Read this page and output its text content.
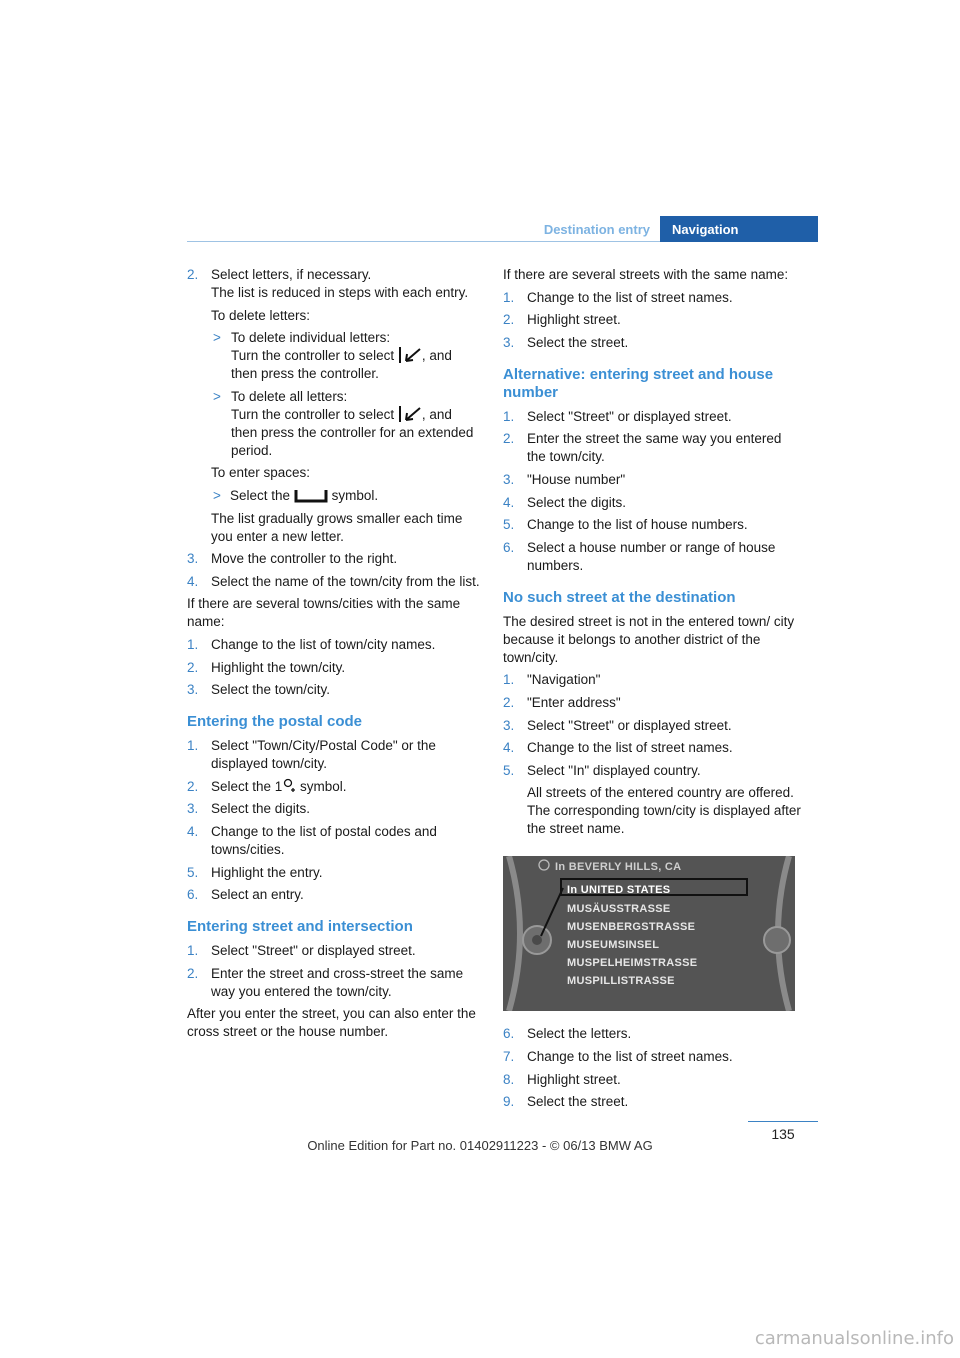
Destination entry	Navigation
2. Select letters, if necessary.
The list is reduced in steps with each entry.
To delete letters:
> To delete individual letters:
Turn the controller to select , and
then press the controller.
> To delete all letters:
Turn the controller to select , and
then press the controller for an extended
period.
To enter spaces:
> Select the	symbol.
The list gradually grows smaller each time you enter a new letter.
3. Move the controller to the right.
4. Select the name of the town/city from the list.
If there are several towns/cities with the same name:
1. Change to the list of town/city names.
2. Highlight the town/city.
3. Select the town/city.
Entering the postal code
1. Select "Town/City/Postal Code" or the displayed town/city.
2. Select the 1 symbol.
3. Select the digits.
4. Change to the list of postal codes and towns/cities.
5. Highlight the entry.
6. Select an entry.
Entering street and intersection
1. Select "Street" or displayed street.
2. Enter the street and cross-street the same way you entered the town/city.
After you enter the street, you can also enter the cross street or the house number.
If there are several streets with the same name:
1. Change to the list of street names.
2. Highlight street.
3. Select the street.
Alternative: entering street and house number
1. Select "Street" or displayed street.
2. Enter the street the same way you entered the town/city.
3. "House number"
4. Select the digits.
5. Change to the list of house numbers.
6. Select a house number or range of house numbers.
No such street at the destination
The desired street is not in the entered town/ city because it belongs to another district of the town/city.
1. "Navigation"
2. "Enter address"
3. Select "Street" or displayed street.
4. Change to the list of street names.
5. Select "In" displayed country.
All streets of the entered country are offered. The corresponding town/city is displayed after the street name.
In BEVERLY HILLS, CA
In UNITED STATES
MUSÄUSSTRASSE
MUSENBERGSTRASSE
MUSEUMSINSEL
MUSPELHEIMSTRASSE
MUSPILLISTRASSE
6. Select the letters.
7. Change to the list of street names.
8. Highlight street.
9. Select the street.
135
Online Edition for Part no. 01402911223 - © 06/13 BMW AG
carmanualsonline.info
